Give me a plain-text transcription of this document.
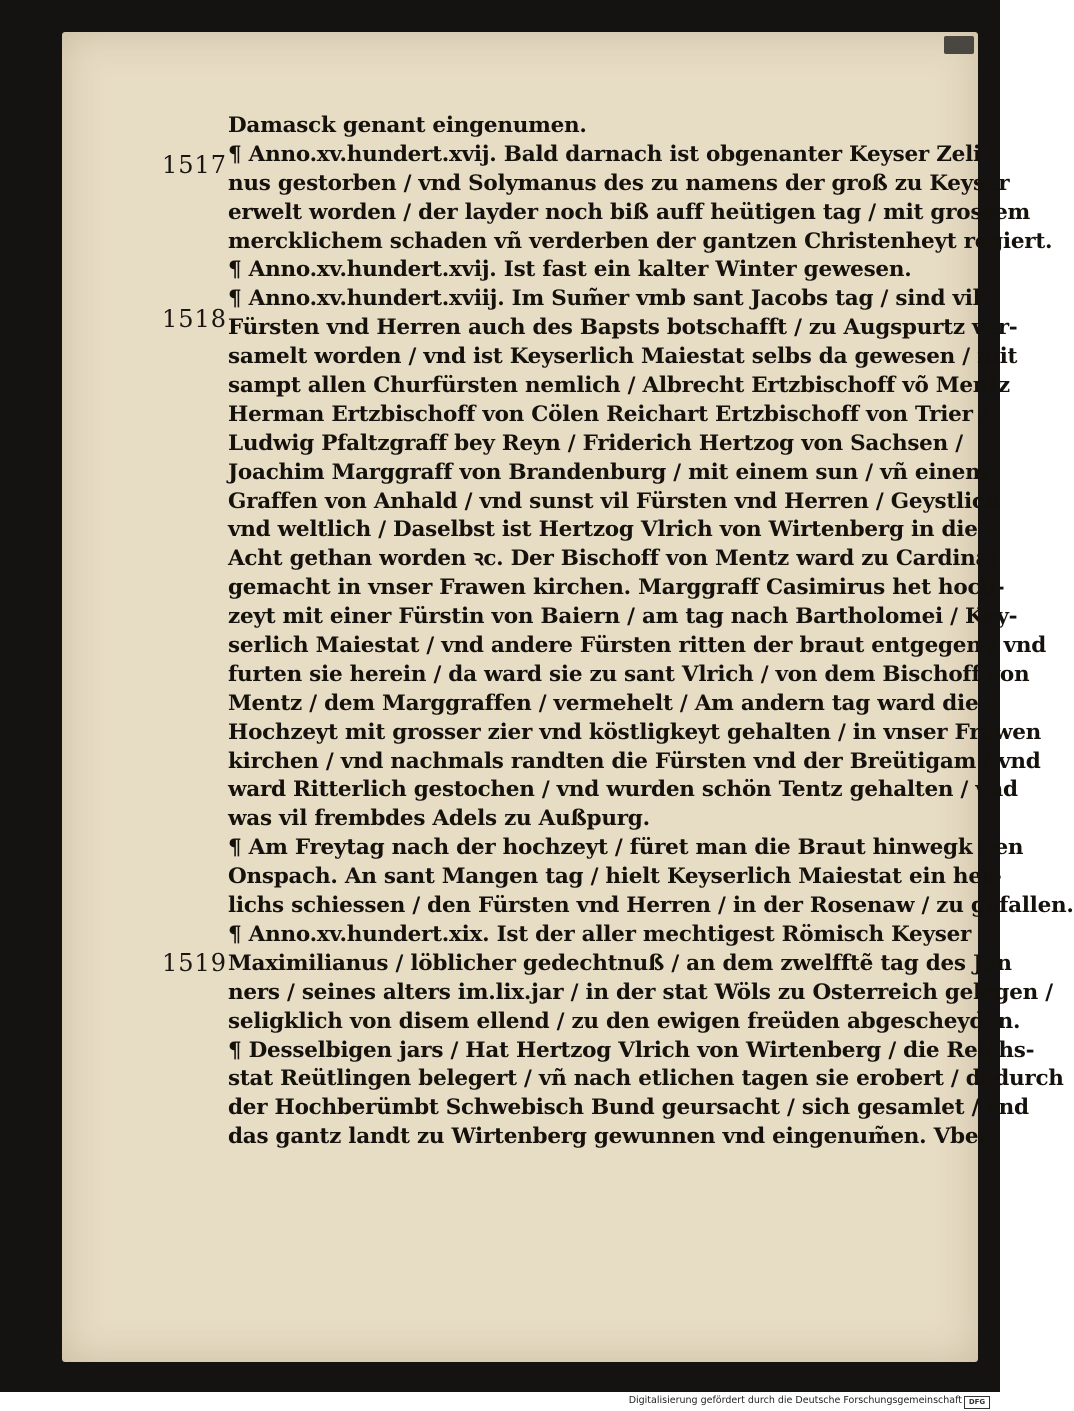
1517
1518
1519
Damasck genant eingenumen.
¶ Anno.xv.hundert.xvij. Bald darnach ist obgenanter Keyser Zeli-
nus gestorben / vnd Solymanus des zu namens der groß zu Keyser
erwelt worden / der layder noch biß auff heütigen tag / mit grossem
mercklichem schaden vñ verderben der gantzen Christenheyt regiert.
¶ Anno.xv.hundert.xvij. Ist fast ein kalter Winter gewesen.
¶ Anno.xv.hundert.xviij. Im Sum̃er vmb sant Jacobs tag / sind vil
Fürsten vnd Herren auch des Bapsts botschafft / zu Augspurtz ver-
samelt worden / vnd ist Keyserlich Maiestat selbs da gewesen / mit
sampt allen Churfürsten nemlich / Albrecht Ertzbischoff võ Mentz
Herman Ertzbischoff von Cölen Reichart Ertzbischoff von Trier /
Ludwig Pfaltzgraff bey Reyn / Friderich Hertzog von Sachsen /
Joachim Marggraff von Brandenburg / mit einem sun / vñ einem
Graffen von Anhald / vnd sunst vil Fürsten vnd Herren / Geystlich
vnd weltlich / Daselbst ist Hertzog Vlrich von Wirtenberg in die
Acht gethan worden ꝛc. Der Bischoff von Mentz ward zu Cardinal
gemacht in vnser Frawen kirchen. Marggraff Casimirus het hoch-
zeyt mit einer Fürstin von Baiern / am tag nach Bartholomei / Key-
serlich Maiestat / vnd andere Fürsten ritten der braut entgegen / vnd
furten sie herein / da ward sie zu sant Vlrich / von dem Bischoff von
Mentz / dem Marggraffen / vermehelt / Am andern tag ward die
Hochzeyt mit grosser zier vnd köstligkeyt gehalten / in vnser Frawen
kirchen / vnd nachmals randten die Fürsten vnd der Breütigam / vnd
ward Ritterlich gestochen / vnd wurden schön Tentz gehalten / vnd
was vil frembdes Adels zu Außpurg.
¶ Am Freytag nach der hochzeyt / füret man die Braut hinwegk gen
Onspach. An sant Mangen tag / hielt Keyserlich Maiestat ein her-
lichs schiessen / den Fürsten vnd Herren / in der Rosenaw / zu gefallen.
¶ Anno.xv.hundert.xix. Ist der aller mechtigest Römisch Keyser
Maximilianus / löblicher gedechtnuß / an dem zwelfftẽ tag des Jen
ners / seines alters im.lix.jar / in der stat Wöls zu Osterreich gelegen /
seligklich von disem ellend / zu den ewigen freüden abgescheyden.
¶ Desselbigen jars / Hat Hertzog Vlrich von Wirtenberg / die Reichs-
stat Reütlingen belegert / vñ nach etlichen tagen sie erobert / dadurch
der Hochberümbt Schwebisch Bund geursacht / sich gesamlet / vnd
das gantz landt zu Wirtenberg gewunnen vnd eingenum̃en. Vber
Digitalisierung gefördert durch die Deutsche Forschungsgemeinschaft DFG
